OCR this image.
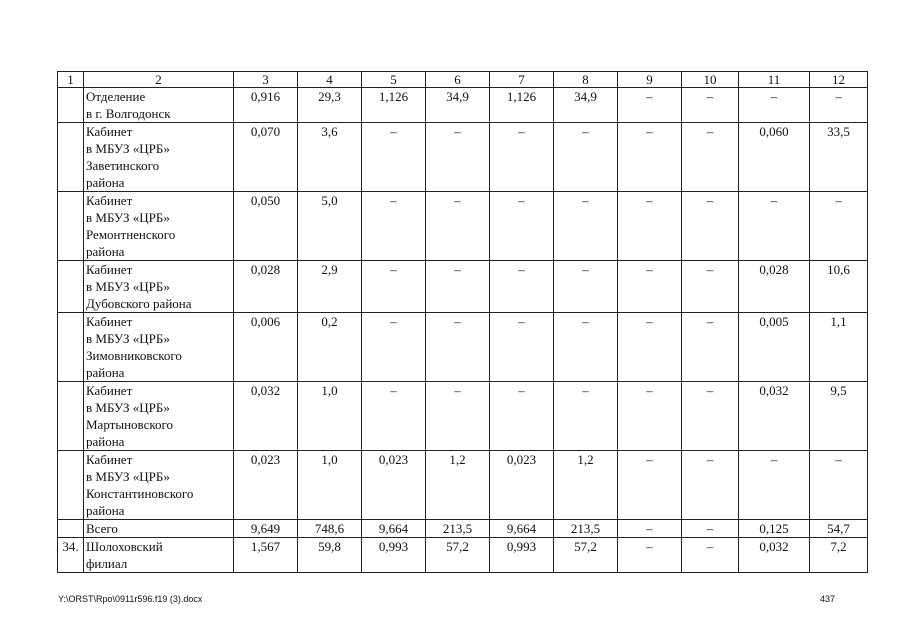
1	2	3	4	5	6	7	8	9	10	11	12

	Отделение
в г. Волгодонск	0,916	29,3	1,126	34,9	1,126	34,9	–	–	–	–

	Кабинет
в МБУЗ «ЦРБ»
Заветинского
района	0,070	3,6	–	–	–	–	–	–	0,060	33,5

	Кабинет
в МБУЗ «ЦРБ»
Ремонтненского
района	0,050	5,0	–	–	–	–	–	–	–	–

	Кабинет
в МБУЗ «ЦРБ»
Дубовского района	0,028	2,9	–	–	–	–	–	–	0,028	10,6

	Кабинет
в МБУЗ «ЦРБ»
Зимовниковского
района	0,006	0,2	–	–	–	–	–	–	0,005	1,1

	Кабинет
в МБУЗ «ЦРБ»
Мартыновского
района	0,032	1,0	–	–	–	–	–	–	0,032	9,5

	Кабинет
в МБУЗ «ЦРБ»
Константиновского
района	0,023	1,0	0,023	1,2	0,023	1,2	–	–	–	–

	Всего	9,649	748,6	9,664	213,5	9,664	213,5	–	–	0,125	54,7
34.	Шолоховский
филиал	1,567	59,8	0,993	57,2	0,993	57,2	–	–	0,032	7,2
Y:\ORST\Rpo\0911r596.f19 (3).docx	437
